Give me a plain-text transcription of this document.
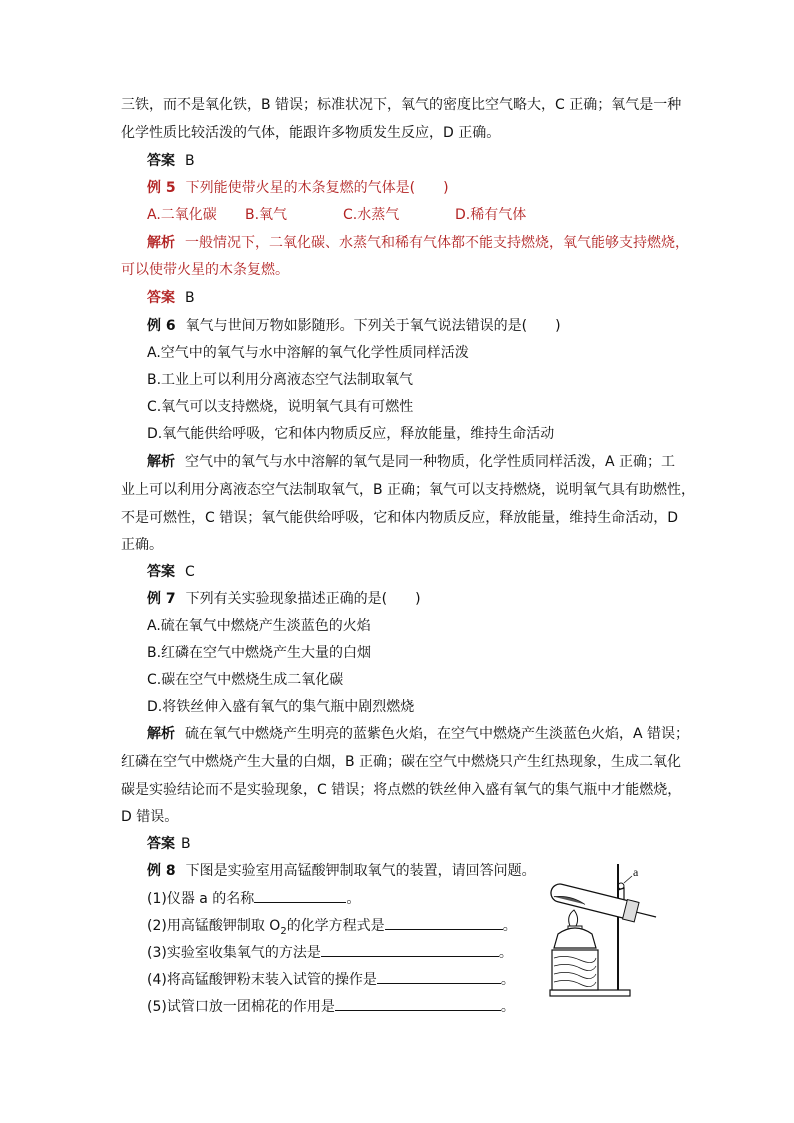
三铁，而不是氧化铁，B 错误；标准状况下，氧气的密度比空气略大，C 正确；氧气是一种
化学性质比较活泼的气体，能跟许多物质发生反应，D 正确。
答案 B
例 5 下列能使带火星的木条复燃的气体是(　　)
A.二氧化碳 B.氧气	C.水蒸气	D.稀有气体
解析 一般情况下，二氧化碳、水蒸气和稀有气体都不能支持燃烧，氧气能够支持燃烧，
可以使带火星的木条复燃。
答案 B
例 6 氧气与世间万物如影随形。下列关于氧气说法错误的是(　　)
A.空气中的氧气与水中溶解的氧气化学性质同样活泼
B.工业上可以利用分离液态空气法制取氧气
C.氧气可以支持燃烧，说明氧气具有可燃性
D.氧气能供给呼吸，它和体内物质反应，释放能量，维持生命活动
解析 空气中的氧气与水中溶解的氧气是同一种物质，化学性质同样活泼，A 正确；工
业上可以利用分离液态空气法制取氧气，B 正确；氧气可以支持燃烧，说明氧气具有助燃性，
不是可燃性，C 错误；氧气能供给呼吸，它和体内物质反应，释放能量，维持生命活动，D
正确。
答案 C
例 7 下列有关实验现象描述正确的是(　　)
A.硫在氧气中燃烧产生淡蓝色的火焰
B.红磷在空气中燃烧产生大量的白烟
C.碳在空气中燃烧生成二氧化碳
D.将铁丝伸入盛有氧气的集气瓶中剧烈燃烧
解析 硫在氧气中燃烧产生明亮的蓝紫色火焰，在空气中燃烧产生淡蓝色火焰，A 错误；
红磷在空气中燃烧产生大量的白烟，B 正确；碳在空气中燃烧只产生红热现象，生成二氧化
碳是实验结论而不是实验现象，C 错误；将点燃的铁丝伸入盛有氧气的集气瓶中才能燃烧，
D 错误。
答案 B
例 8 下图是实验室用高锰酸钾制取氧气的装置，请回答问题。
(1)仪器 a 的名称	。
(2)用高锰酸钾制取 $O_2$的化学方程式是	。
(3)实验室收集氧气的方法是	。
(4)将高锰酸钾粉末装入试管的操作是	。
(5)试管口放一团棉花的作用是	。
a
